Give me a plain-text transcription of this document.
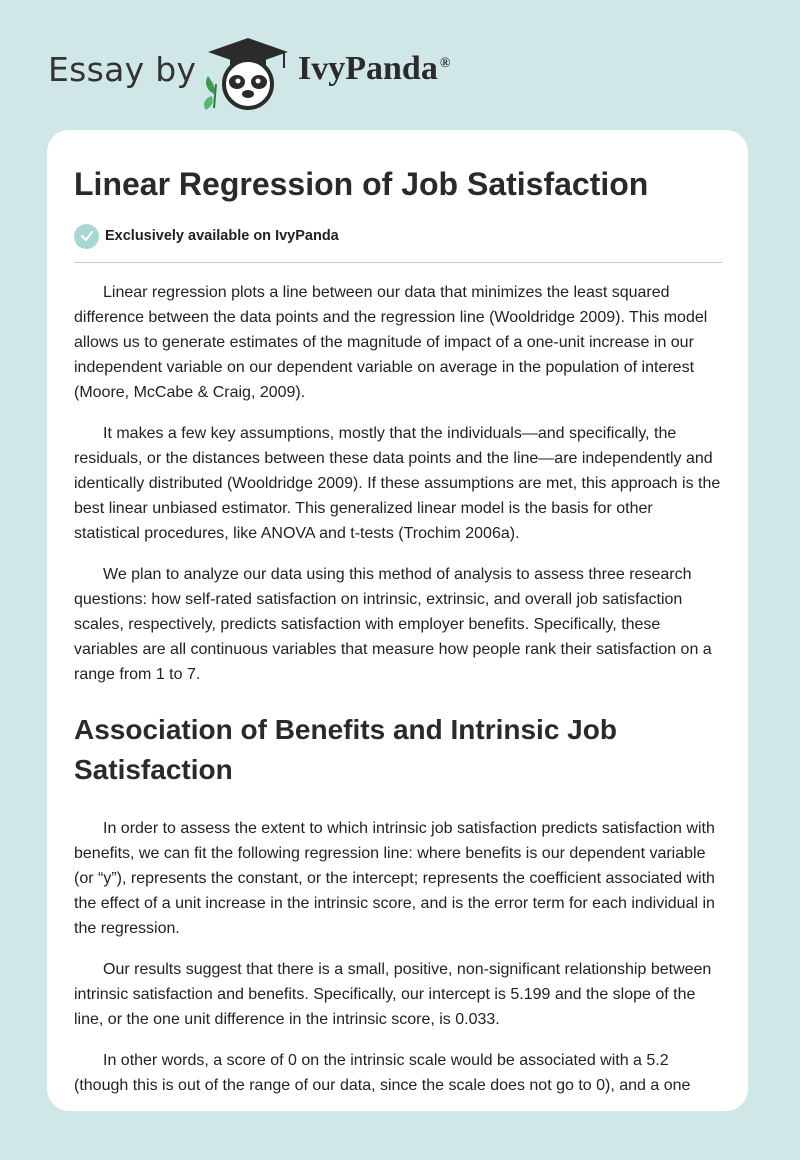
Essay by	IvyPanda ®
Linear Regression of Job Satisfaction
Exclusively available on IvyPanda

Linear regression plots a line between our data that minimizes the least squared difference between the data points and the regression line (Wooldridge 2009). This model allows us to generate estimates of the magnitude of impact of a one-unit increase in our independent variable on our dependent variable on average in the population of interest (Moore, McCabe & Craig, 2009).

It makes a few key assumptions, mostly that the individuals—and specifically, the residuals, or the distances between these data points and the line—are independently and identically distributed (Wooldridge 2009). If these assumptions are met, this approach is the best linear unbiased estimator. This generalized linear model is the basis for other statistical procedures, like ANOVA and t-tests (Trochim 2006a).

We plan to analyze our data using this method of analysis to assess three research questions: how self-rated satisfaction on intrinsic, extrinsic, and overall job satisfaction scales, respectively, predicts satisfaction with employer benefits. Specifically, these variables are all continuous variables that measure how people rank their satisfaction on a range from 1 to 7.

Association of Benefits and Intrinsic Job Satisfaction

In order to assess the extent to which intrinsic job satisfaction predicts satisfaction with benefits, we can fit the following regression line: where benefits is our dependent variable (or “y”), represents the constant, or the intercept; represents the coefficient associated with the effect of a unit increase in the intrinsic score, and is the error term for each individual in the regression.

Our results suggest that there is a small, positive, non-significant relationship between intrinsic satisfaction and benefits. Specifically, our intercept is 5.199 and the slope of the line, or the one unit difference in the intrinsic score, is 0.033.

In other words, a score of 0 on the intrinsic scale would be associated with a 5.2 (though this is out of the range of our data, since the scale does not go to 0), and a one
